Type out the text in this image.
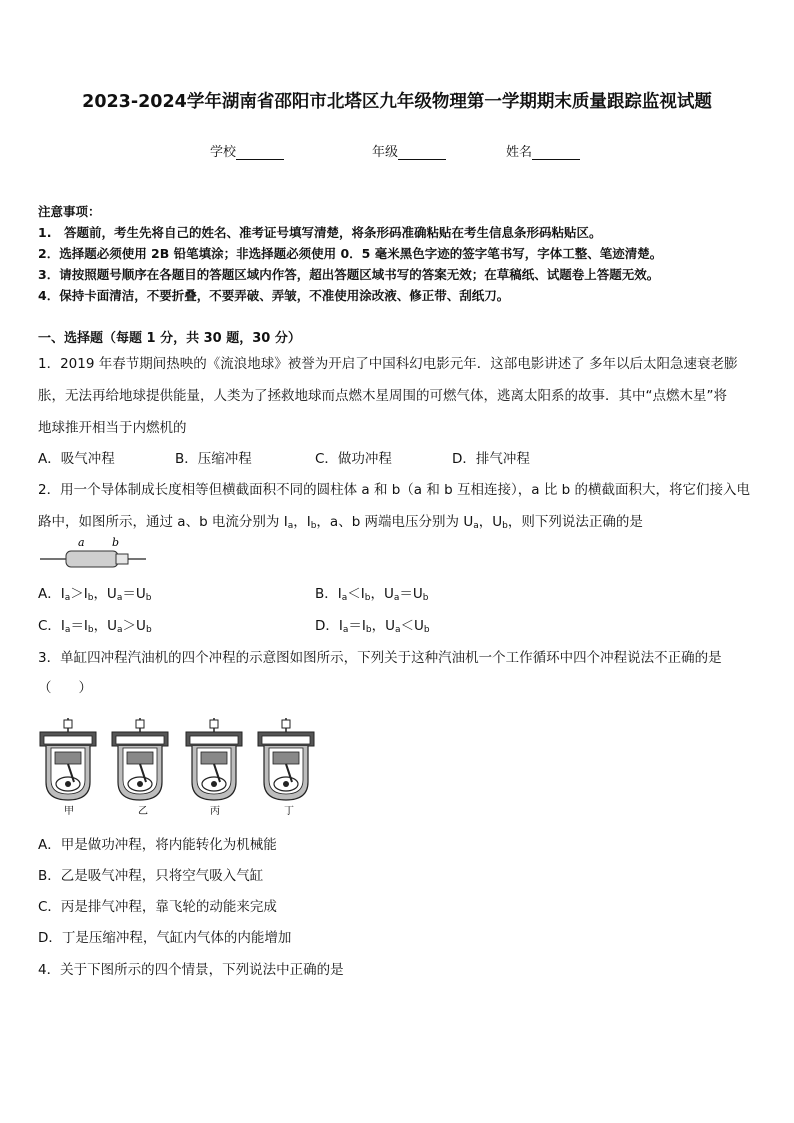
2023-2024学年湖南省邵阳市北塔区九年级物理第一学期期末质量跟踪监视试题
学校	年级	姓名
注意事项：
1.　答题前，考生先将自己的姓名、准考证号填写清楚，将条形码准确粘贴在考生信息条形码粘贴区。
2．选择题必须使用 2B 铅笔填涂；非选择题必须使用 0．5 毫米黑色字迹的签字笔书写，字体工整、笔迹清楚。
3．请按照题号顺序在各题目的答题区域内作答，超出答题区域书写的答案无效；在草稿纸、试题卷上答题无效。
4．保持卡面清洁，不要折叠，不要弄破、弄皱，不准使用涂改液、修正带、刮纸刀。
一、选择题（每题 1 分，共 30 题，30 分）
1．2019 年春节期间热映的《流浪地球》被誉为开启了中国科幻电影元年．这部电影讲述了 多年以后太阳急速衰老膨
胀，无法再给地球提供能量，人类为了拯救地球而点燃木星周围的可燃气体，逃离太阳系的故事．其中“点燃木星”将
地球推开相当于内燃机的
A．吸气冲程	B．压缩冲程	C．做功冲程	D．排气冲程
2．用一个导体制成长度相等但横截面积不同的圆柱体 a 和 b（a 和 b 互相连接），a 比 b 的横截面积大，将它们接入电
路中，如图所示，通过 a、b 电流分别为 $I_a$，$I_b$，a、b 两端电压分别为 $U_a$，$U_b$，则下列说法正确的是
a b
A．$I_a>I_b$，$U_a=U_b$	B．$I_a<I_b$，$U_a=U_b$
C．$I_a=I_b$，$U_a>U_b$	D．$I_a=I_b$，$U_a<U_b$
3．单缸四冲程汽油机的四个冲程的示意图如图所示，下列关于这种汽油机一个工作循环中四个冲程说法不正确的是
（　　）
甲	乙	丙	丁
A．甲是做功冲程，将内能转化为机械能
B．乙是吸气冲程，只将空气吸入气缸
C．丙是排气冲程，靠飞轮的动能来完成
D．丁是压缩冲程，气缸内气体的内能增加
4．关于下图所示的四个情景，下列说法中正确的是
